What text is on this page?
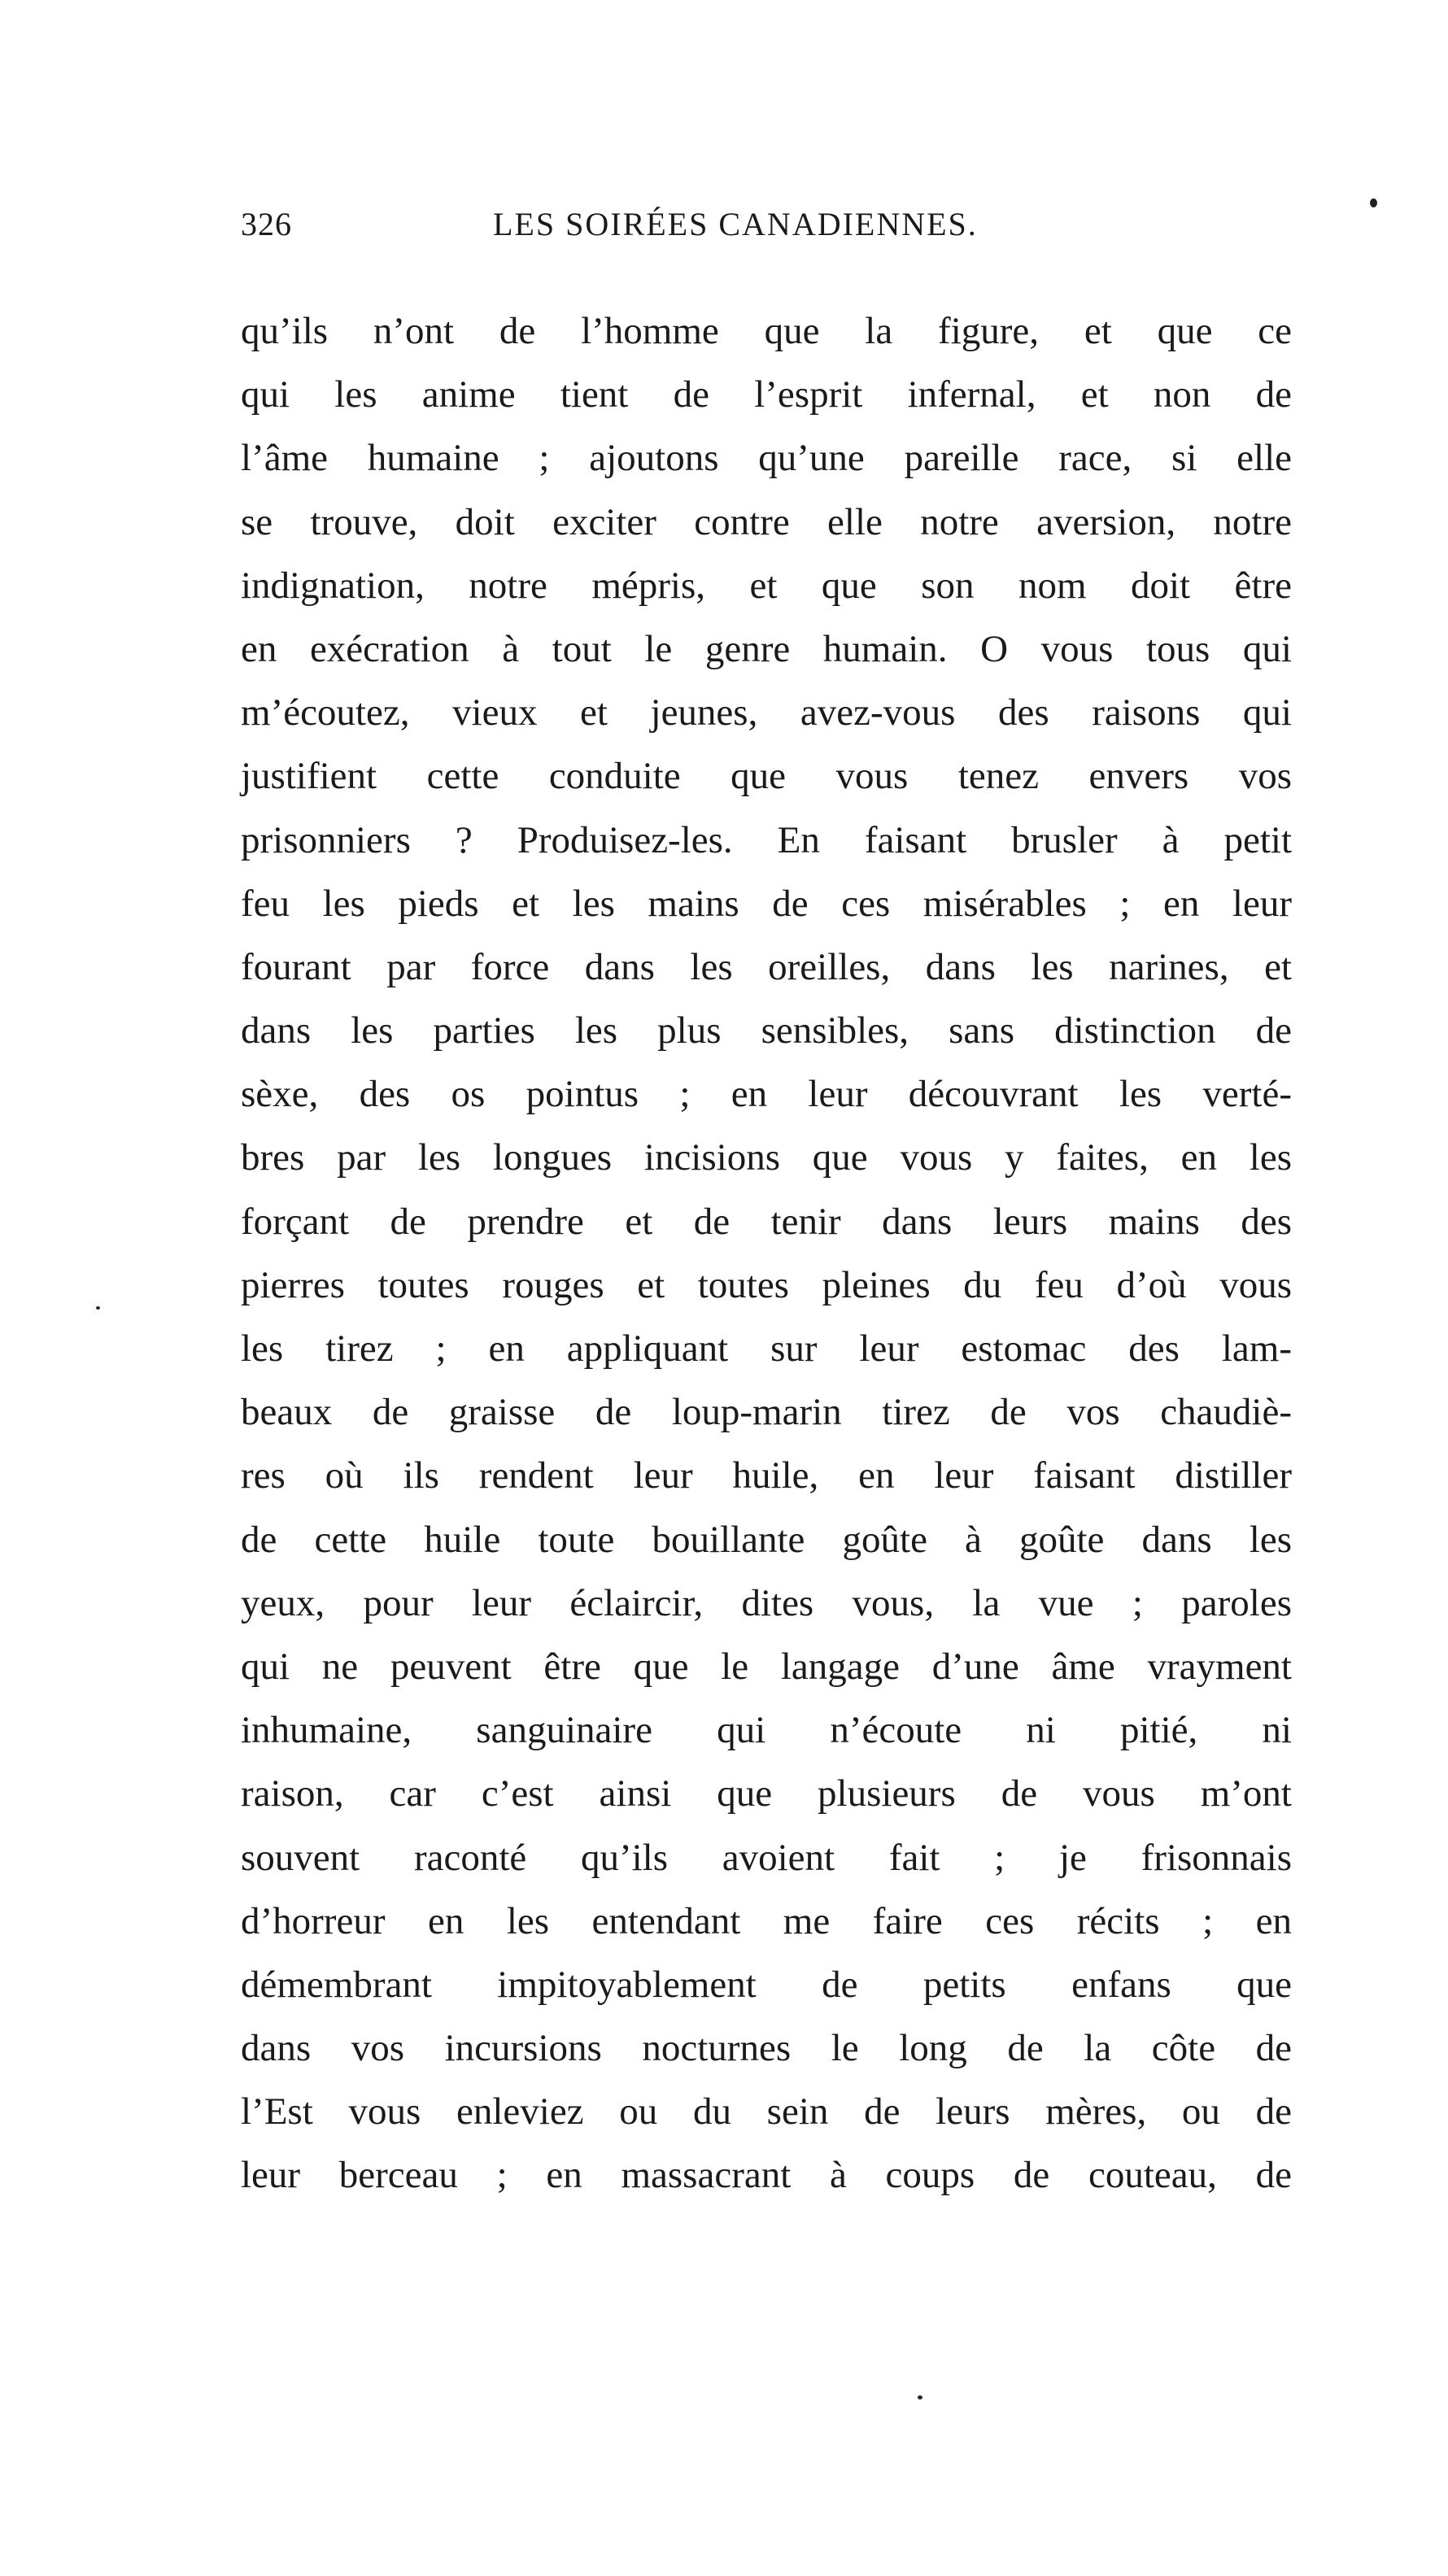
326	LES SOIRÉES CANADIENNES.
qu’ils n’ont de l’homme que la figure, et que ce
qui les anime tient de l’esprit infernal, et non de
l’âme humaine ; ajoutons qu’une pareille race, si elle
se trouve, doit exciter contre elle notre aversion, notre
indignation, notre mépris, et que son nom doit être
en exécration à tout le genre humain. O vous tous qui
m’écoutez, vieux et jeunes, avez-vous des raisons qui
justifient cette conduite que vous tenez envers vos
prisonniers ? Produisez-les. En faisant brusler à petit
feu les pieds et les mains de ces misérables ; en leur
fourant par force dans les oreilles, dans les narines, et
dans les parties les plus sensibles, sans distinction de
sèxe, des os pointus ; en leur découvrant les verté-
bres par les longues incisions que vous y faites, en les
forçant de prendre et de tenir dans leurs mains des
pierres toutes rouges et toutes pleines du feu d’où vous
les tirez ; en appliquant sur leur estomac des lam-
beaux de graisse de loup-marin tirez de vos chaudiè-
res où ils rendent leur huile, en leur faisant distiller
de cette huile toute bouillante goûte à goûte dans les
yeux, pour leur éclaircir, dites vous, la vue ; paroles
qui ne peuvent être que le langage d’une âme vrayment
inhumaine, sanguinaire qui n’écoute ni pitié, ni
raison, car c’est ainsi que plusieurs de vous m’ont
souvent raconté qu’ils avoient fait ; je frisonnais
d’horreur en les entendant me faire ces récits ; en
démembrant impitoyablement de petits enfans que
dans vos incursions nocturnes le long de la côte de
l’Est vous enleviez ou du sein de leurs mères, ou de
leur berceau ; en massacrant à coups de couteau, de
